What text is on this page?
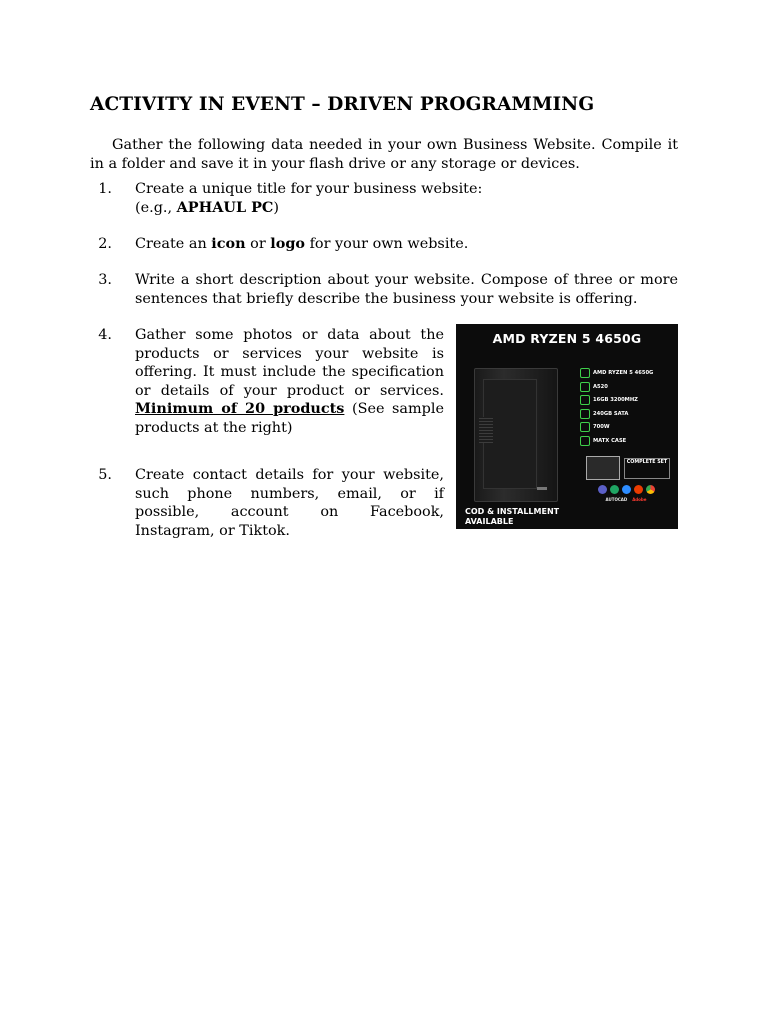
ACTIVITY IN EVENT – DRIVEN PROGRAMMING
Gather the following data needed in your own Business Website. Compile it in a folder and save it in your flash drive or any storage or devices.
1. Create a unique title for your business website:

(e.g., APHAUL PC)

2. Create an icon or logo for your own website.

3. Write a short description about your website. Compose of three or more sentences that briefly describe the business your website is offering.

4. Gather some photos or data about the products or services your website is offering. It must include the specification or details of your product or services. Minimum of 20 products (See sample products at the right)

5. Create contact details for your website, such phone numbers, email, or if possible, account on Facebook, Instagram, or Tiktok.

AMD RYZEN 5 4650G
AMD RYZEN 5 4650G
A520
16GB 3200MHZ
240GB SATA
700W
MATX CASE
COMPLETE SET
AUTOCAD Adobe
COD & INSTALLMENT AVAILABLE
